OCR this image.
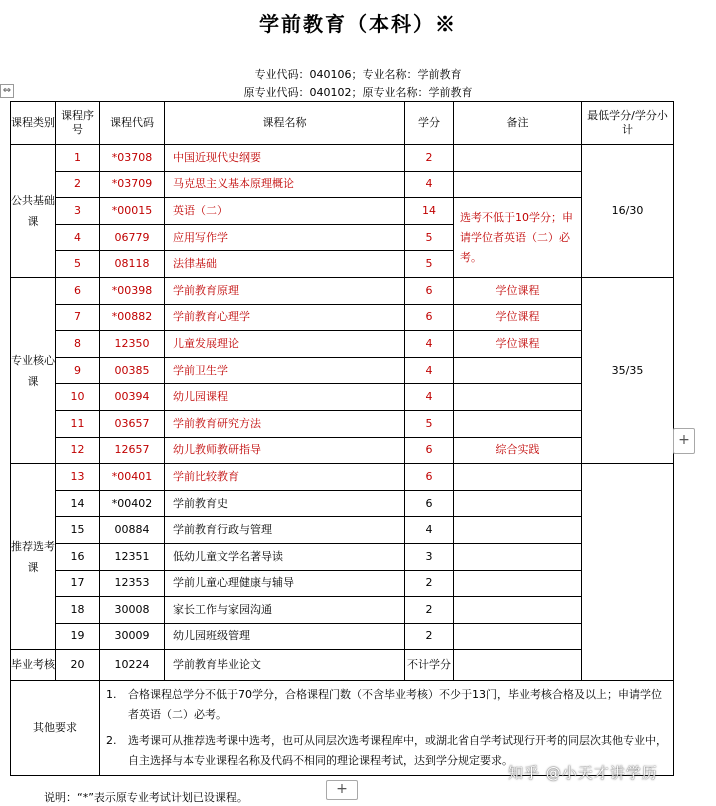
学前教育（本科）※
专业代码：040106；专业名称：学前教育
原专业代码：040102；原专业名称：学前教育
⇔
课程类别	课程序号	课程代码	课程名称	学分	备注	最低学分/学分小计
公共基础课	1	*03708	中国近现代史纲要	2		16/30
	2	*03709	马克思主义基本原理概论	4		
	3	*00015	英语（二）	14	选考不低于10学分；申请学位者英语（二）必考。	
	4	06779	应用写作学	5		
	5	08118	法律基础	5		
专业核心课	6	*00398	学前教育原理	6	学位课程	35/35
	7	*00882	学前教育心理学	6	学位课程	
	8	12350	儿童发展理论	4	学位课程	
	9	00385	学前卫生学	4		
	10	00394	幼儿园课程	4		
	11	03657	学前教育研究方法	5		
	12	12657	幼儿教师教研指导	6	综合实践	
推荐选考课	13	*00401	学前比较教育	6		
	14	*00402	学前教育史	6		
	15	00884	学前教育行政与管理	4		
	16	12351	低幼儿童文学名著导读	3		
	17	12353	学前儿童心理健康与辅导	2		
	18	30008	家长工作与家园沟通	2		
	19	30009	幼儿园班级管理	2		
毕业考核	20	10224	学前教育毕业论文	不计学分		
其他要求		1. 合格课程总学分不低于70学分，合格课程门数（不含毕业考核）不少于13门，毕业考核合格及以上；申请学位者英语（二）必考。
2. 选考课可从推荐选考课中选考，也可从同层次选考课程库中，或湖北省自学考试现行开考的同层次其他专业中，自主选择与本专业课程名称及代码不相同的理论课程考试，达到学分规定要求。				
+
+
说明：“*”表示原专业考试计划已设课程。
知乎 @小天才讲学历
